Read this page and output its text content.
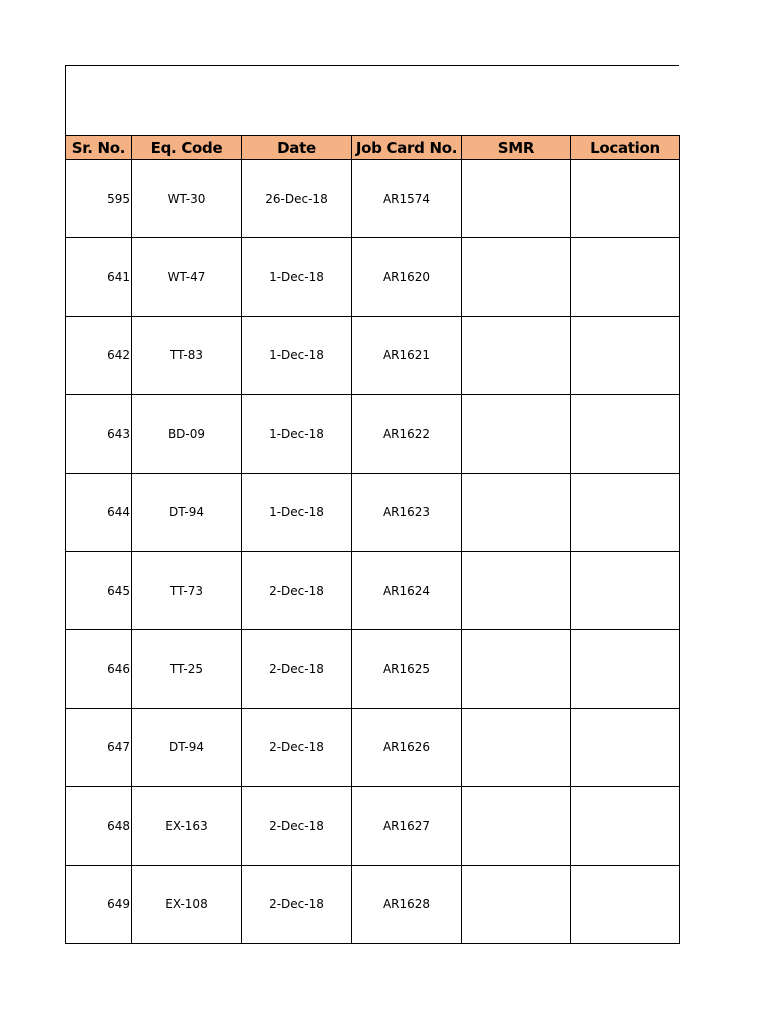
Sr. No.	Eq. Code	Date	Job Card No.	SMR	Location
595	WT-30	26-Dec-18	AR1574		
641	WT-47	1-Dec-18	AR1620		
642	TT-83	1-Dec-18	AR1621		
643	BD-09	1-Dec-18	AR1622		
644	DT-94	1-Dec-18	AR1623		
645	TT-73	2-Dec-18	AR1624		
646	TT-25	2-Dec-18	AR1625		
647	DT-94	2-Dec-18	AR1626		
648	EX-163	2-Dec-18	AR1627		
649	EX-108	2-Dec-18	AR1628		
